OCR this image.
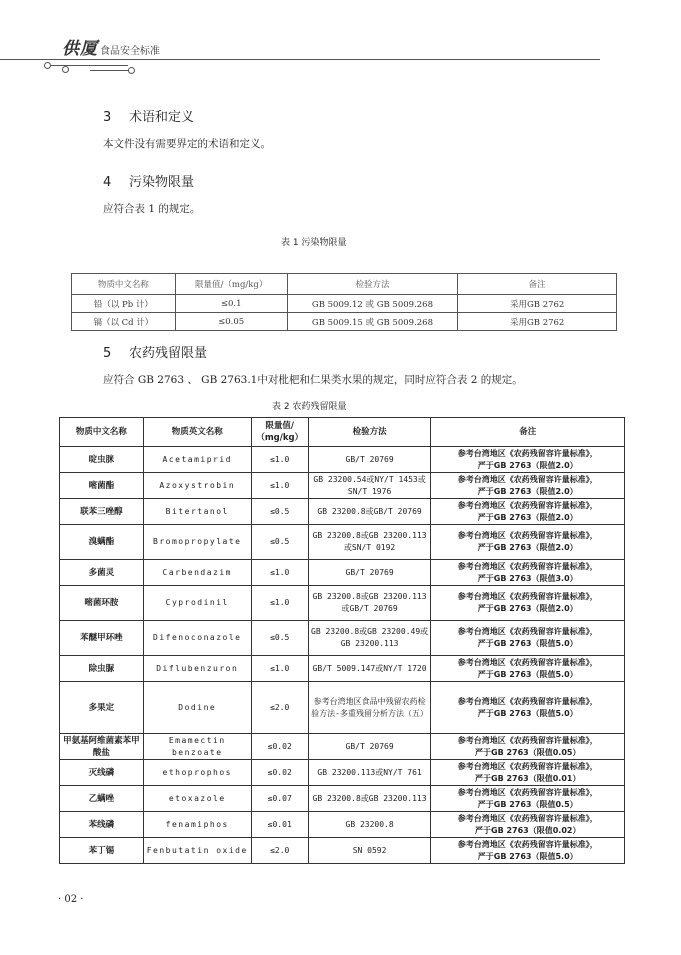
供厦 食品安全标准
3 术语和定义
本文件没有需要界定的术语和定义。
4 污染物限量
应符合表 1 的规定。
表 1 污染物限量
物质中文名称	限量值/（mg/kg）	检验方法	备注
铅（以 Pb 计）	≤0.1	GB 5009.12 或 GB 5009.268	采用GB 2762
镉（以 Cd 计）	≤0.05	GB 5009.15 或 GB 5009.268	采用GB 2762
5 农药残留限量
应符合 GB 2763 、 GB 2763.1中对枇杷和仁果类水果的规定，同时应符合表 2 的规定。
表 2 农药残留限量
物质中文名称	物质英文名称	限量值/（mg/kg）	检验方法	备注
啶虫脒	Acetamiprid	≤1.0	GB/T 20769	参考台湾地区《农药残留容许量标准》，
严于GB 2763（限值2.0）

嘧菌酯	Azoxystrobin	≤1.0	GB 23200.54或NY/T 1453或SN/T 1976	参考台湾地区《农药残留容许量标准》，
严于GB 2763（限值2.0）

联苯三唑醇	Bitertanol	≤0.5	GB 23200.8或GB/T 20769	参考台湾地区《农药残留容许量标准》，
严于GB 2763（限值2.0）

溴螨酯	Bromopropylate	≤0.5	GB 23200.8或GB 23200.113或SN/T 0192	参考台湾地区《农药残留容许量标准》，
严于GB 2763（限值2.0）

多菌灵	Carbendazim	≤1.0	GB/T 20769	参考台湾地区《农药残留容许量标准》，
严于GB 2763（限值3.0）

嘧菌环胺	Cyprodinil	≤1.0	GB 23200.8或GB 23200.113或GB/T 20769	参考台湾地区《农药残留容许量标准》，
严于GB 2763（限值2.0）

苯醚甲环唑	Difenoconazole	≤0.5	GB 23200.8或GB 23200.49或GB 23200.113	参考台湾地区《农药残留容许量标准》，
严于GB 2763（限值5.0）

除虫脲	Diflubenzuron	≤1.0	GB/T 5009.147或NY/T 1720	参考台湾地区《农药残留容许量标准》，
严于GB 2763（限值5.0）

多果定	Dodine	≤2.0	参考台湾地区食品中残留农药检验方法-多重残留分析方法（五）	参考台湾地区《农药残留容许量标准》，
严于GB 2763（限值5.0）

甲氨基阿维菌素苯甲酸盐	Emamectin benzoate	≤0.02	GB/T 20769	参考台湾地区《农药残留容许量标准》，
严于GB 2763（限值0.05）

灭线磷	ethoprophos	≤0.02	GB 23200.113或NY/T 761	参考台湾地区《农药残留容许量标准》，
严于GB 2763（限值0.01）

乙螨唑	etoxazole	≤0.07	GB 23200.8或GB 23200.113	参考台湾地区《农药残留容许量标准》，
严于GB 2763（限值0.5）

苯线磷	fenamiphos	≤0.01	GB 23200.8	参考台湾地区《农药残留容许量标准》，
严于GB 2763（限值0.02）

苯丁锡	Fenbutatin oxide	≤2.0	SN 0592	参考台湾地区《农药残留容许量标准》，
严于GB 2763（限值5.0）
· 02 ·
